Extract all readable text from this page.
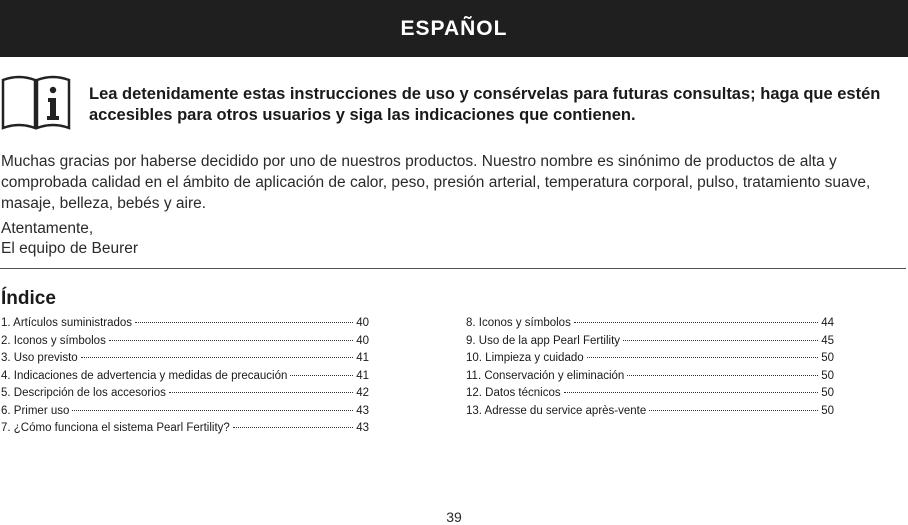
ESPAÑOL
Lea detenidamente estas instrucciones de uso y consérvelas para futuras consultas; haga que estén accesibles para otros usuarios y siga las indicaciones que contienen.
Muchas gracias por haberse decidido por uno de nuestros productos. Nuestro nombre es sinónimo de productos de alta y comprobada calidad en el ámbito de aplicación de calor, peso, presión arterial, temperatura corporal, pulso, tratamiento suave, masaje, belleza, bebés y aire.
Atentamente,
El equipo de Beurer
Índice
1. Artículos suministrados	40
2. Iconos y símbolos	40
3. Uso previsto	41
4. Indicaciones de advertencia y medidas de precaución	41
5. Descripción de los accesorios	42
6. Primer uso	43
7. ¿Cómo funciona el sistema Pearl Fertility?	43
8. Iconos y símbolos	44
9. Uso de la app Pearl Fertility	45
10. Limpieza y cuidado	50
11. Conservación y eliminación	50
12. Datos técnicos	50
13. Adresse du service après-vente	50
39
